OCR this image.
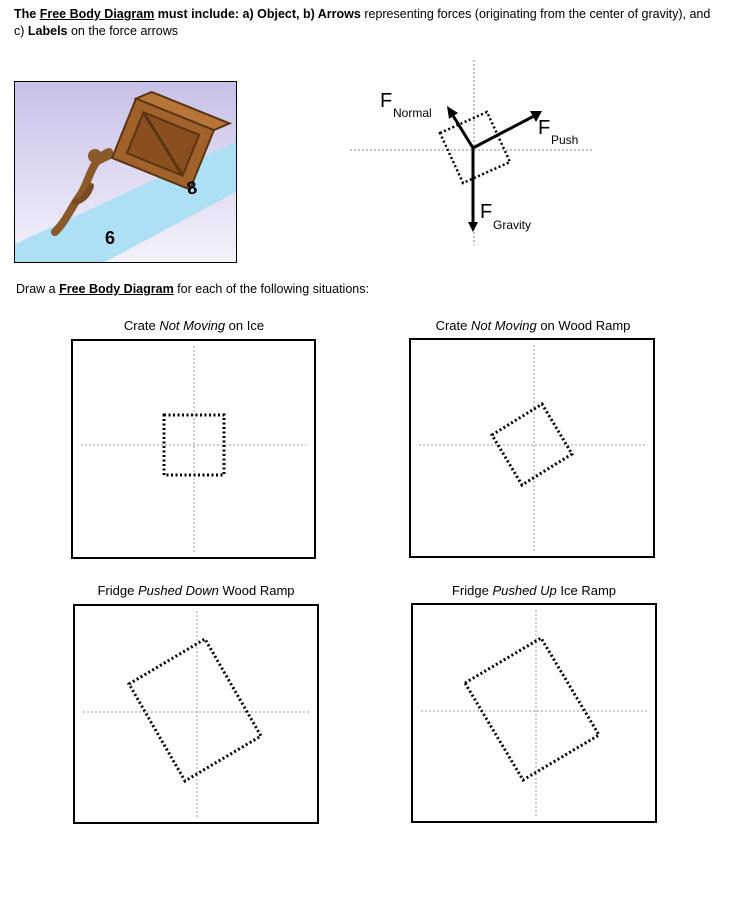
The Free Body Diagram must include: a) Object, b) Arrows representing forces (originating from the center of gravity), and c) Labels on the force arrows
8
6
F
Normal
F
Push
F
Gravity
Draw a Free Body Diagram for each of the following situations:
Crate Not Moving on Ice	Crate Not Moving on Wood Ramp
Fridge Pushed Down Wood Ramp	Fridge Pushed Up Ice Ramp
